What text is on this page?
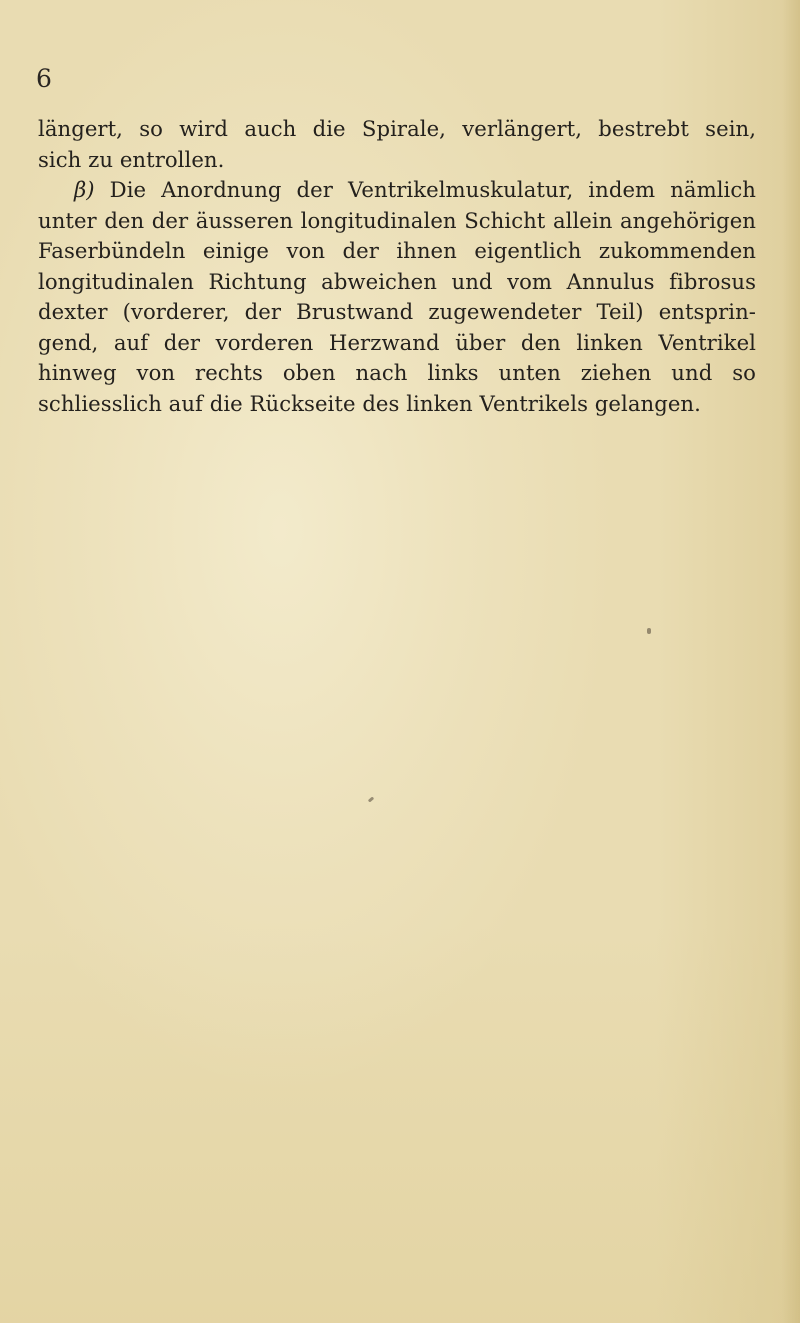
6
längert, so wird auch die Spirale, verlängert, bestrebt sein,
sich zu entrollen.
β) Die Anordnung der Ventrikelmuskulatur, indem nämlich
unter den der äusseren longitudinalen Schicht allein angehörigen
Faserbündeln einige von der ihnen eigentlich zukommenden
longitudinalen Richtung abweichen und vom Annulus fibrosus
dexter (vorderer, der Brustwand zugewendeter Teil) entsprin-
gend, auf der vorderen Herzwand über den linken Ventrikel
hinweg von rechts oben nach links unten ziehen und so
schliesslich auf die Rückseite des linken Ventrikels gelangen.
